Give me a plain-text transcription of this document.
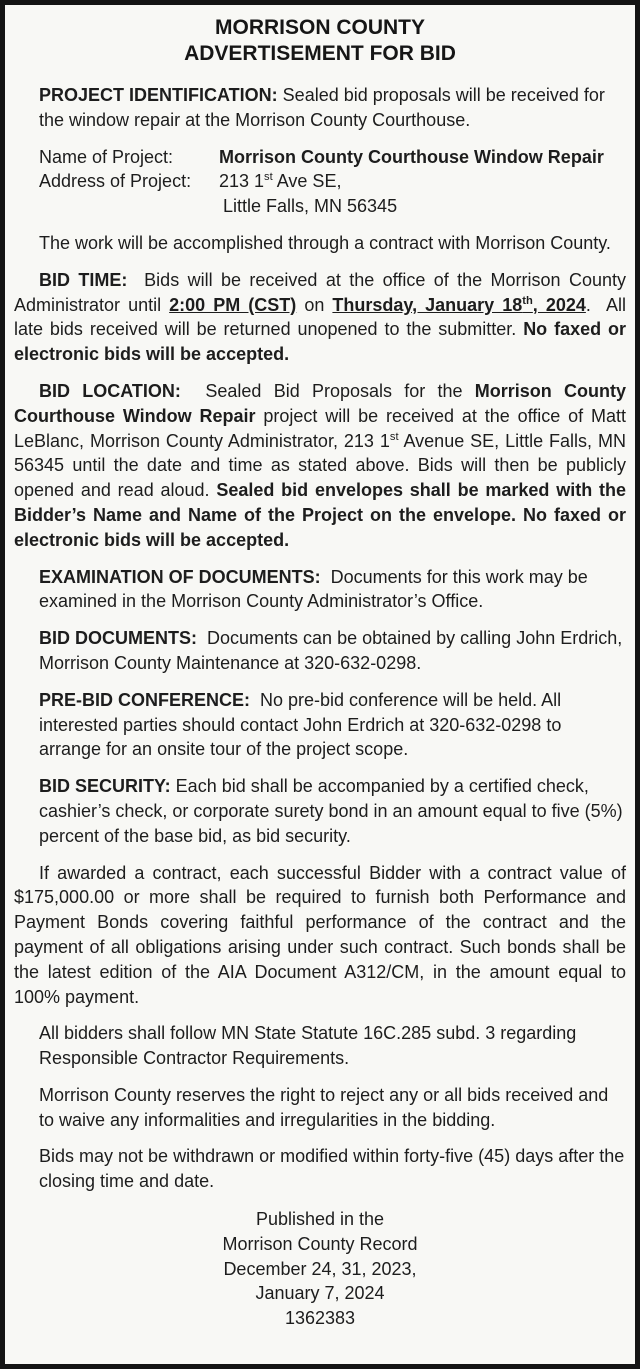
MORRISON COUNTY
ADVERTISEMENT FOR BID

PROJECT IDENTIFICATION: Sealed bid proposals will be received for the window repair at the Morrison County Courthouse.

Name of Project:	Morrison County Courthouse Window Repair
Address of Project:	213 1st Ave SE,
Little Falls, MN 56345

The work will be accomplished through a contract with Morrison County.

BID TIME:  Bids will be received at the office of the Morrison County Administrator until 2:00 PM (CST) on Thursday, January 18th, 2024.  All late bids received will be returned unopened to the submitter. No faxed or electronic bids will be accepted.

BID LOCATION:  Sealed Bid Proposals for the Morrison County Courthouse Window Repair project will be received at the office of Matt LeBlanc, Morrison County Administrator, 213 1st Avenue SE, Little Falls, MN 56345 until the date and time as stated above. Bids will then be publicly opened and read aloud. Sealed bid envelopes shall be marked with the Bidder’s Name and Name of the Project on the envelope. No faxed or electronic bids will be accepted.

EXAMINATION OF DOCUMENTS:  Documents for this work may be examined in the Morrison County Administrator’s Office.

BID DOCUMENTS:  Documents can be obtained by calling John Erdrich, Morrison County Maintenance at 320-632-0298.

PRE-BID CONFERENCE:  No pre-bid conference will be held. All interested parties should contact John Erdrich at 320-632-0298 to arrange for an onsite tour of the project scope.

BID SECURITY: Each bid shall be accompanied by a certified check, cashier’s check, or corporate surety bond in an amount equal to five (5%) percent of the base bid, as bid security.

If awarded a contract, each successful Bidder with a contract value of $175,000.00 or more shall be required to furnish both Performance and Payment Bonds covering faithful performance of the contract and the payment of all obligations arising under such contract. Such bonds shall be the latest edition of the AIA Document A312/CM, in the amount equal to 100% payment.

All bidders shall follow MN State Statute 16C.285 subd. 3 regarding Responsible Contractor Requirements.

Morrison County reserves the right to reject any or all bids received and to waive any informalities and irregularities in the bidding.

Bids may not be withdrawn or modified within forty-five (45) days after the closing time and date.

Published in the
Morrison County Record
December 24, 31, 2023,
January 7, 2024
1362383
